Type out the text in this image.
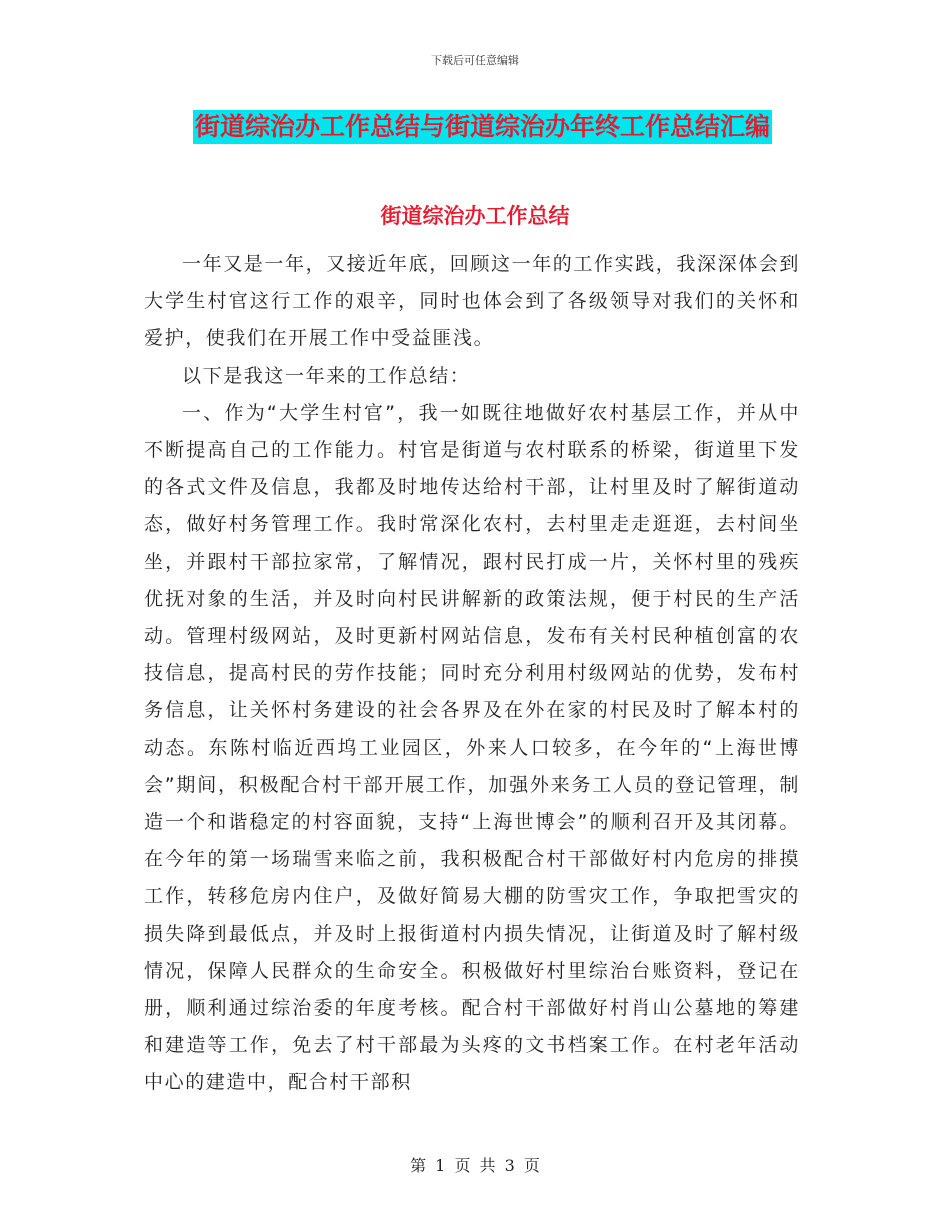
下载后可任意编辑
街道综治办工作总结与街道综治办年终工作总结汇编
街道综治办工作总结

一年又是一年，又接近年底，回顾这一年的工作实践，我深深体会到大学生村官这行工作的艰辛，同时也体会到了各级领导对我们的关怀和爱护，使我们在开展工作中受益匪浅。

以下是我这一年来的工作总结：

一、作为“大学生村官”，我一如既往地做好农村基层工作，并从中不断提高自己的工作能力。村官是街道与农村联系的桥梁，街道里下发的各式文件及信息，我都及时地传达给村干部，让村里及时了解街道动态，做好村务管理工作。我时常深化农村，去村里走走逛逛，去村间坐坐，并跟村干部拉家常，了解情况，跟村民打成一片，关怀村里的残疾优抚对象的生活，并及时向村民讲解新的政策法规，便于村民的生产活动。管理村级网站，及时更新村网站信息，发布有关村民种植创富的农技信息，提高村民的劳作技能；同时充分利用村级网站的优势，发布村务信息，让关怀村务建设的社会各界及在外在家的村民及时了解本村的动态。东陈村临近西坞工业园区，外来人口较多，在今年的“上海世博会”期间，积极配合村干部开展工作，加强外来务工人员的登记管理，制造一个和谐稳定的村容面貌，支持“上海世博会”的顺利召开及其闭幕。在今年的第一场瑞雪来临之前，我积极配合村干部做好村内危房的排摸工作，转移危房内住户，及做好简易大棚的防雪灾工作，争取把雪灾的损失降到最低点，并及时上报街道村内损失情况，让街道及时了解村级情况，保障人民群众的生命安全。积极做好村里综治台账资料，登记在册，顺利通过综治委的年度考核。配合村干部做好村肖山公墓地的筹建和建造等工作，免去了村干部最为头疼的文书档案工作。在村老年活动中心的建造中，配合村干部积

第 1 页 共 3 页
